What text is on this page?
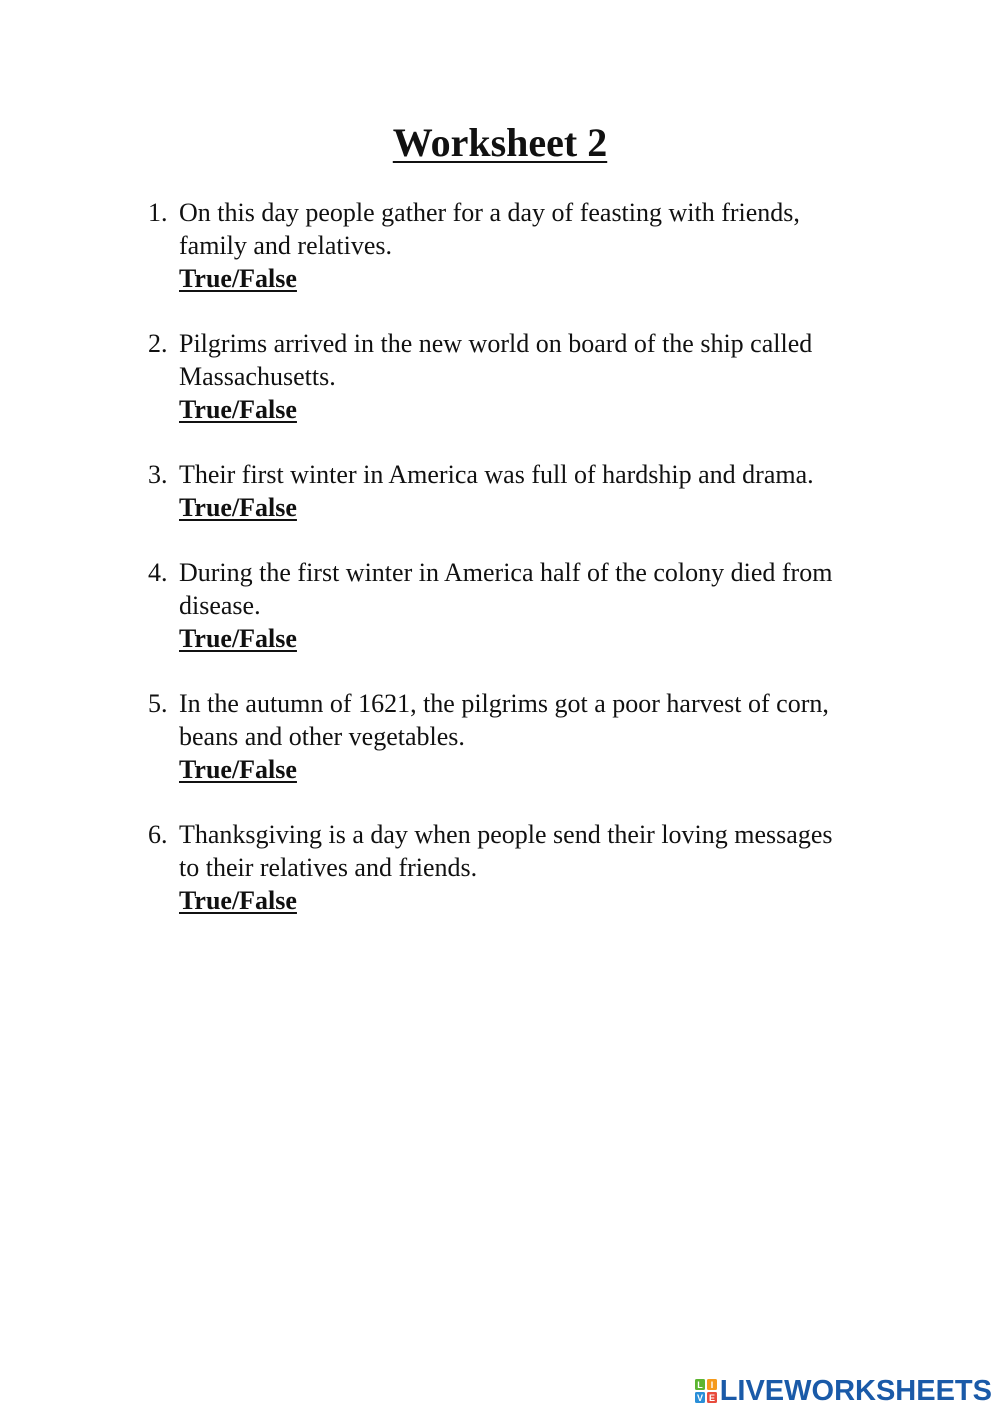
Worksheet 2
1. On this day people gather for a day of feasting with friends,
family and relatives.
True/False
2. Pilgrims arrived in the new world on board of the ship called
Massachusetts.
True/False
3. Their first winter in America was full of hardship and drama.
True/False
4. During the first winter in America half of the colony died from
disease.
True/False
5. In the autumn of 1621, the pilgrims got a poor harvest of corn,
beans and other vegetables.
True/False
6. Thanksgiving is a day when people send their loving messages
to their relatives and friends.
True/False
L I
V E LIVEWORKSHEETS
